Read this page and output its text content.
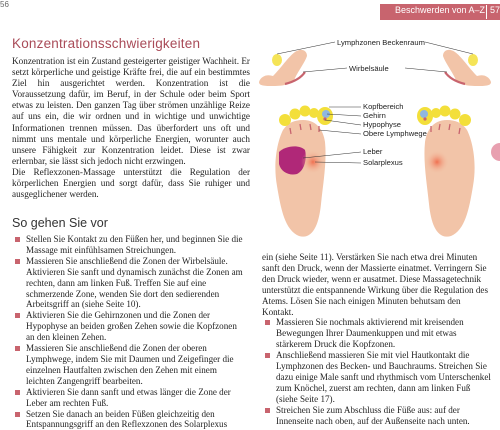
56
Beschwerden von A–Z 57
Konzentrationsschwierigkeiten

Konzentration ist ein Zustand gesteigerter geistiger Wachheit. Er setzt körperliche und geistige Kräfte frei, die auf ein bestimmtes Ziel hin ausgerichtet werden. Konzentration ist die Voraussetzung dafür, im Beruf, in der Schule oder beim Sport etwas zu leisten. Den ganzen Tag über strömen unzählige Reize auf uns ein, die wir ordnen und in wichtige und unwichtige Informationen trennen müssen. Das überfordert uns oft und nimmt uns mentale und körperliche Energien, worunter auch unsere Fähigkeit zur Konzentration leidet. Diese ist zwar erlernbar, sie lässt sich jedoch nicht erzwingen.

Die Reflexzonen-Massage unterstützt die Regulation der körperlichen Energien und sorgt dafür, dass Sie ruhiger und ausgeglichener werden.

So gehen Sie vor
Stellen Sie Kontakt zu den Füßen her, und beginnen Sie die Massage mit einfühlsamen Streichungen.
Massieren Sie anschließend die Zonen der Wirbelsäule. Aktivieren Sie sanft und dynamisch zunächst die Zonen am rechten, dann am linken Fuß. Treffen Sie auf eine schmerzende Zone, wenden Sie dort den sedierenden Arbeitsgriff an (siehe Seite 10).
Aktivieren Sie die Gehirnzonen und die Zonen der Hypophyse an beiden großen Zehen sowie die Kopfzonen an den kleinen Zehen.
Massieren Sie anschließend die Zonen der oberen Lymphwege, indem Sie mit Daumen und Zeigefinger die einzelnen Hautfalten zwischen den Zehen mit einem leichten Zangengriff bearbeiten.
Aktivieren Sie dann sanft und etwas länger die Zone der Leber am rechten Fuß.
Setzen Sie danach an beiden Füßen gleichzeitig den Entspannungsgriff an den Reflexzonen des Solarplexus

ein (siehe Seite 11). Verstärken Sie nach etwa drei Minuten sanft den Druck, wenn der Massierte einatmet. Verringern Sie den Druck wieder, wenn er ausatmet. Diese Massagetechnik unterstützt die entspannende Wirkung über die Regulation des Atems. Lösen Sie nach einigen Minuten behutsam den Kontakt.

Massieren Sie nochmals aktivierend mit kreisenden Bewegungen Ihrer Daumenkuppen und mit etwas stärkerem Druck die Kopfzonen.
Anschließend massieren Sie mit viel Hautkontakt die Lymphzonen des Becken- und Bauchraums. Streichen Sie dazu einige Male sanft und rhythmisch vom Unterschenkel zum Knöchel, zuerst am rechten, dann am linken Fuß (siehe Seite 17).
Streichen Sie zum Abschluss die Füße aus: auf der Innenseite nach oben, auf der Außenseite nach unten.
Lymphzonen Beckenraum
Wirbelsäule
Kopfbereich
Gehirn
Hypophyse
Obere Lymphwege
Leber
Solarplexus
